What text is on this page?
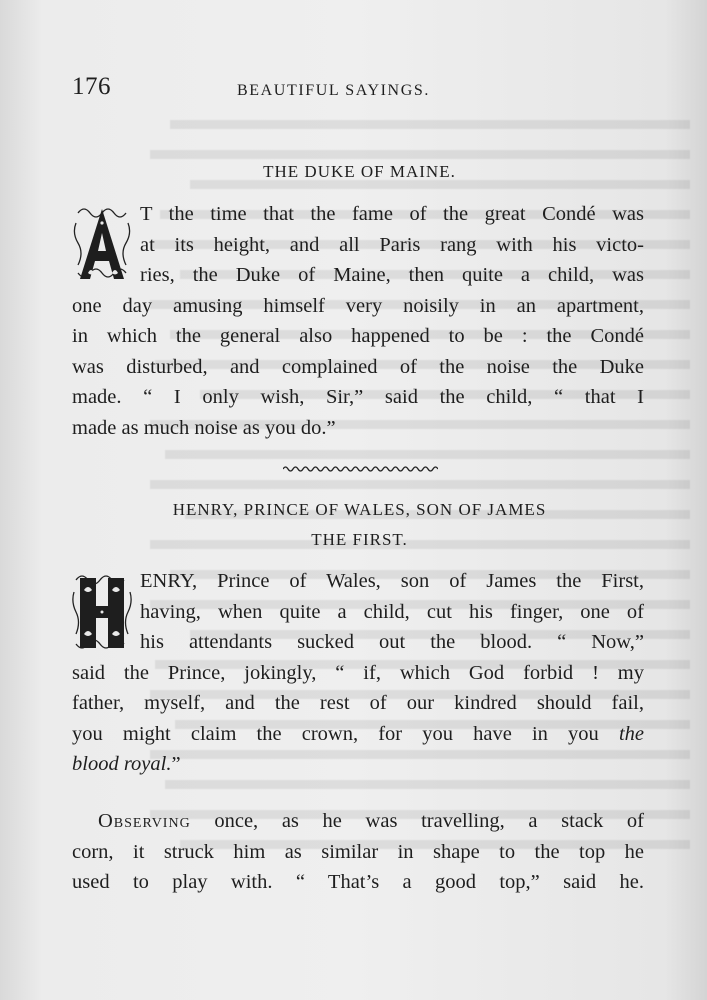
176	BEAUTIFUL SAYINGS.
THE DUKE OF MAINE.
T the time that the fame of the great Condé was
at its height, and all Paris rang with his victo-
ries, the Duke of Maine, then quite a child, was
one day amusing himself very noisily in an apartment,
in which the general also happened to be : the Condé
was disturbed, and complained of the noise the Duke
made. “ I only wish, Sir,” said the child, “ that I
made as much noise as you do.”
HENRY, PRINCE OF WALES, SON OF JAMES
THE FIRST.
ENRY, Prince of Wales, son of James the First,
having, when quite a child, cut his finger, one of
his attendants sucked out the blood. “ Now,”
said the Prince, jokingly, “ if, which God forbid ! my
father, myself, and the rest of our kindred should fail,
you might claim the crown, for you have in you the
blood royal.”
Observing once, as he was travelling, a stack of
corn, it struck him as similar in shape to the top he
used to play with. “ That’s a good top,” said he.
